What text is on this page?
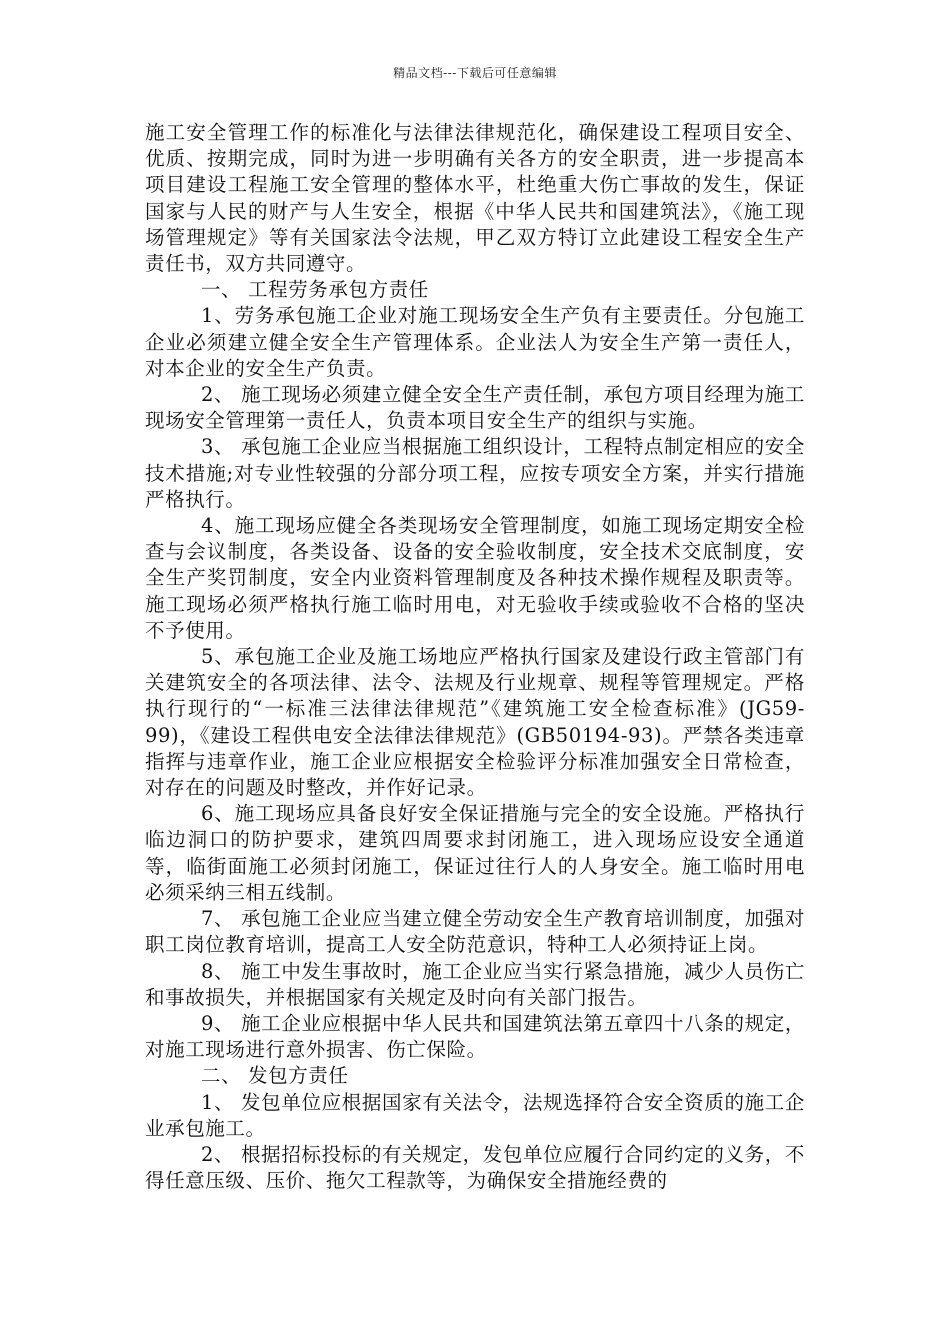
精品文档---下载后可任意编辑

施工安全管理工作的标准化与法律法律规范化，确保建设工程项目安全、优质、按期完成，同时为进一步明确有关各方的安全职责，进一步提高本项目建设工程施工安全管理的整体水平，杜绝重大伤亡事故的发生，保证国家与人民的财产与人生安全，根据《中华人民共和国建筑法》，《施工现场管理规定》等有关国家法令法规，甲乙双方特订立此建设工程安全生产责任书，双方共同遵守。

一、 工程劳务承包方责任

1、劳务承包施工企业对施工现场安全生产负有主要责任。分包施工企业必须建立健全安全生产管理体系。企业法人为安全生产第一责任人，对本企业的安全生产负责。

2、 施工现场必须建立健全安全生产责任制，承包方项目经理为施工现场安全管理第一责任人，负责本项目安全生产的组织与实施。

3、 承包施工企业应当根据施工组织设计，工程特点制定相应的安全技术措施;对专业性较强的分部分项工程，应按专项安全方案，并实行措施严格执行。

4、施工现场应健全各类现场安全管理制度，如施工现场定期安全检查与会议制度，各类设备、设备的安全验收制度，安全技术交底制度，安全生产奖罚制度，安全内业资料管理制度及各种技术操作规程及职责等。施工现场必须严格执行施工临时用电，对无验收手续或验收不合格的坚决不予使用。

5、承包施工企业及施工场地应严格执行国家及建设行政主管部门有关建筑安全的各项法律、法令、法规及行业规章、规程等管理规定。严格执行现行的“一标准三法律法律规范”《建筑施工安全检查标准》(JG59-99)，《建设工程供电安全法律法律规范》(GB50194-93)。严禁各类违章指挥与违章作业，施工企业应根据安全检验评分标准加强安全日常检查，对存在的问题及时整改，并作好记录。

6、施工现场应具备良好安全保证措施与完全的安全设施。严格执行临边洞口的防护要求，建筑四周要求封闭施工，进入现场应设安全通道等，临街面施工必须封闭施工，保证过往行人的人身安全。施工临时用电必须采纳三相五线制。

7、 承包施工企业应当建立健全劳动安全生产教育培训制度，加强对职工岗位教育培训，提高工人安全防范意识，特种工人必须持证上岗。

8、 施工中发生事故时，施工企业应当实行紧急措施，减少人员伤亡和事故损失，并根据国家有关规定及时向有关部门报告。

9、 施工企业应根据中华人民共和国建筑法第五章四十八条的规定，对施工现场进行意外损害、伤亡保险。

二、 发包方责任

1、 发包单位应根据国家有关法令，法规选择符合安全资质的施工企业承包施工。

2、 根据招标投标的有关规定，发包单位应履行合同约定的义务，不得任意压级、压价、拖欠工程款等，为确保安全措施经费的
